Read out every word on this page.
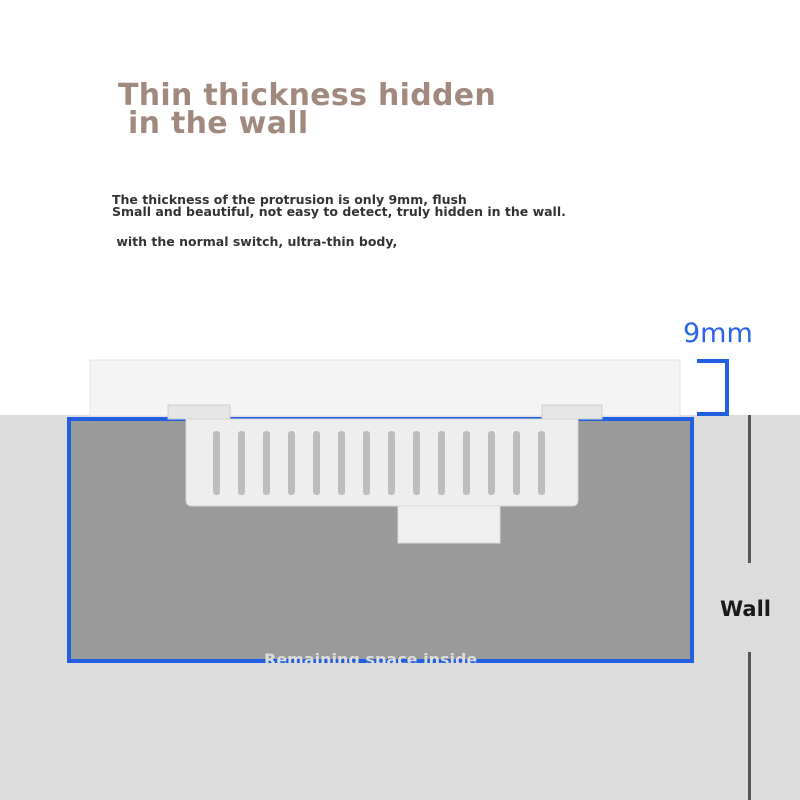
Thin thickness hidden
in the wall

The thickness of the protrusion is only 9mm, flush

with the normal switch, ultra-thin body,

Small and beautiful, not easy to detect, truly hidden in the wall.
Wall
9mm

Remaining space inside

the dark box
